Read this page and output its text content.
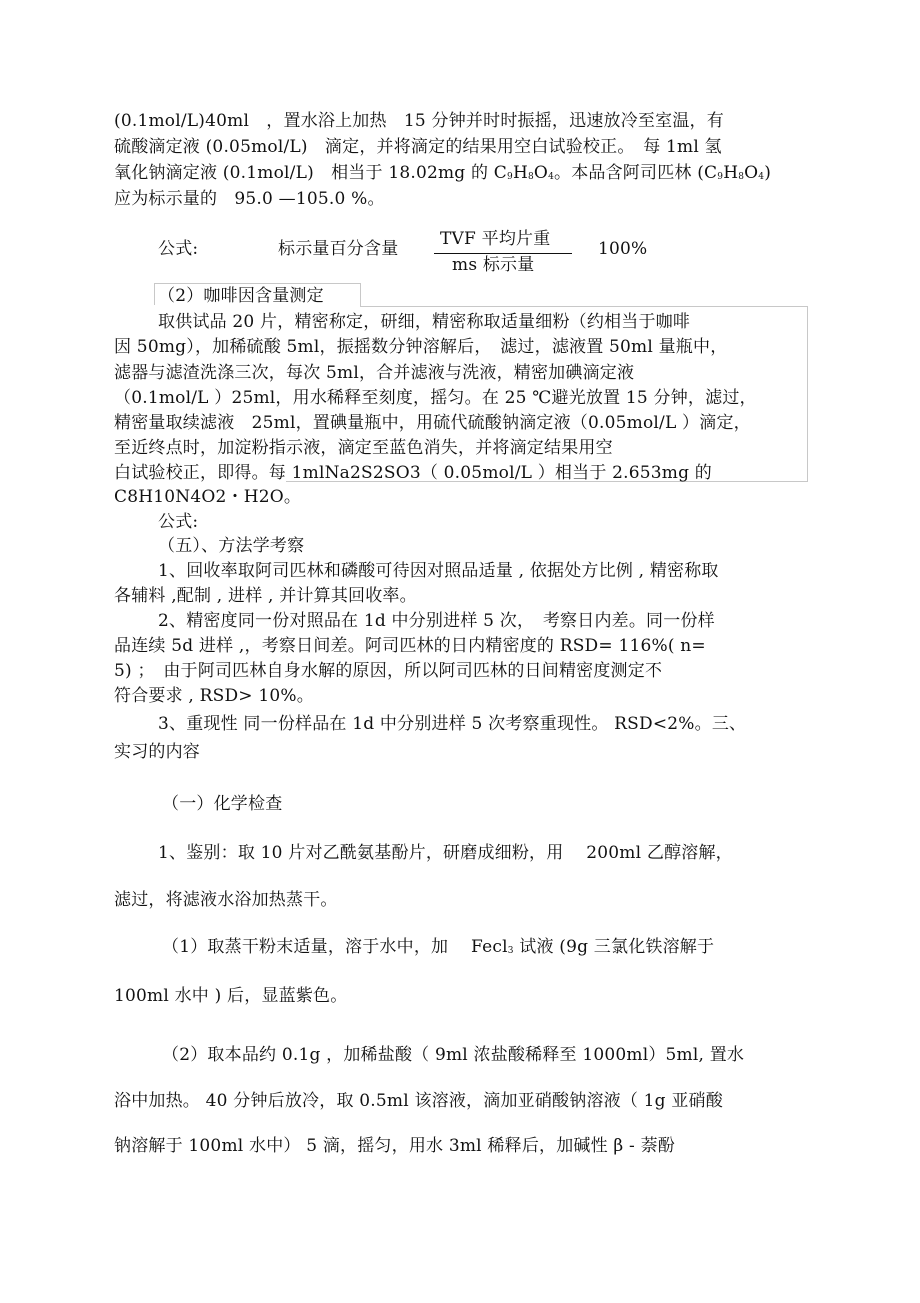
(0.1mol/L)40ml　，置水浴上加热　15 分钟并时时振摇，迅速放冷至室温，有
硫酸滴定液 (0.05mol/L)　滴定，并将滴定的结果用空白试验校正。　每 1ml 氢
氧化钠滴定液 (0.1mol/L)　相当于 18.02mg 的 C9H8O4。本品含阿司匹林 (C9H8O4)
应为标示量的　95.0 —105.0 %。
公式:	标示量百分含量 TVF 平均片重
ms 标示量
100%
（2）咖啡因含量测定
取供试品 20 片，精密称定，研细，精密称取适量细粉（约相当于咖啡
因 50mg），加稀硫酸 5ml，振摇数分钟溶解后，　滤过，滤液置 50ml 量瓶中，
滤器与滤渣洗涤三次，每次 5ml，合并滤液与洗液，精密加碘滴定液
（0.1mol/L ）25ml，用水稀释至刻度，摇匀。在 25 ℃避光放置 15 分钟，滤过，
精密量取续滤液　25ml，置碘量瓶中，用硫代硫酸钠滴定液（0.05mol/L ）滴定，
至近终点时，加淀粉指示液，滴定至蓝色消失，并将滴定结果用空
白试验校正，即得。每 1mlNa2S2SO3（ 0.05mol/L ）相当于 2.653mg 的
C8H10N4O2・H2O。
公式:
（五）、方法学考察
1、回收率取阿司匹林和磷酸可待因对照品适量 , 依据处方比例 , 精密称取
各辅料 ,配制 , 进样 , 并计算其回收率。
2、精密度同一份对照品在 1d 中分别进样 5 次，　考察日内差。同一份样
品连续 5d 进样 ,，考察日间差。阿司匹林的日内精密度的 RSD= 116%( n=
5) ；　由于阿司匹林自身水解的原因，所以阿司匹林的日间精密度测定不
符合要求 , RSD> 10%。
3、重现性 同一份样品在 1d 中分别进样 5 次考察重现性。 RSD<2%。三、
实习的内容
（一）化学检查
1、鉴别：取 10 片对乙酰氨基酚片，研磨成细粉，用　 200ml 乙醇溶解，
滤过，将滤液水浴加热蒸干。
（1）取蒸干粉末适量，溶于水中，加　 Fecl3 试液 (9g 三氯化铁溶解于
100ml 水中 ) 后，显蓝紫色。
（2）取本品约 0.1g ，加稀盐酸（ 9ml 浓盐酸稀释至 1000ml）5ml, 置水
浴中加热。 40 分钟后放冷，取 0.5ml 该溶液，滴加亚硝酸钠溶液（ 1g 亚硝酸
钠溶解于 100ml 水中） 5 滴，摇匀，用水 3ml 稀释后，加碱性 β - 萘酚
